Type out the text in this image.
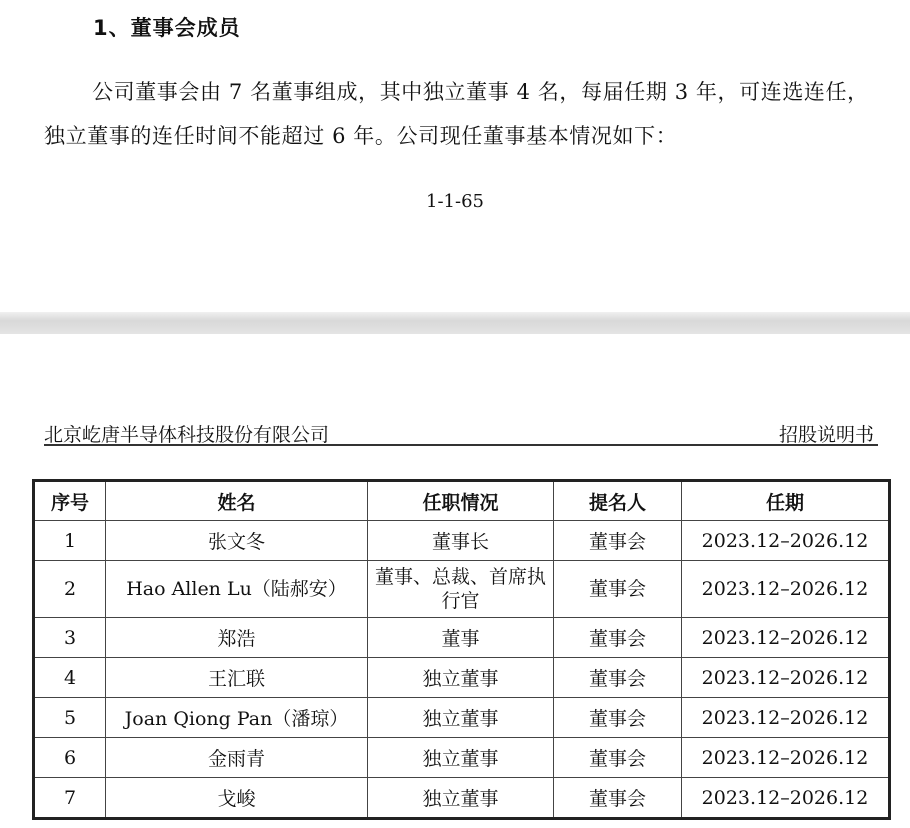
1、董事会成员
公司董事会由 7 名董事组成，其中独立董事 4 名，每届任期 3 年，可连选连任，独立董事的连任时间不能超过 6 年。公司现任董事基本情况如下：
1-1-65
北京屹唐半导体科技股份有限公司	招股说明书
序号	姓名	任职情况	提名人	任期
1	张文冬	董事长	董事会	2023.12–2026.12
2	Hao Allen Lu（陆郝安）	董事、总裁、首席执行官	董事会	2023.12–2026.12
3	郑浩	董事	董事会	2023.12–2026.12
4	王汇联	独立董事	董事会	2023.12–2026.12
5	Joan Qiong Pan（潘琼）	独立董事	董事会	2023.12–2026.12
6	金雨青	独立董事	董事会	2023.12–2026.12
7	戈峻	独立董事	董事会	2023.12–2026.12
